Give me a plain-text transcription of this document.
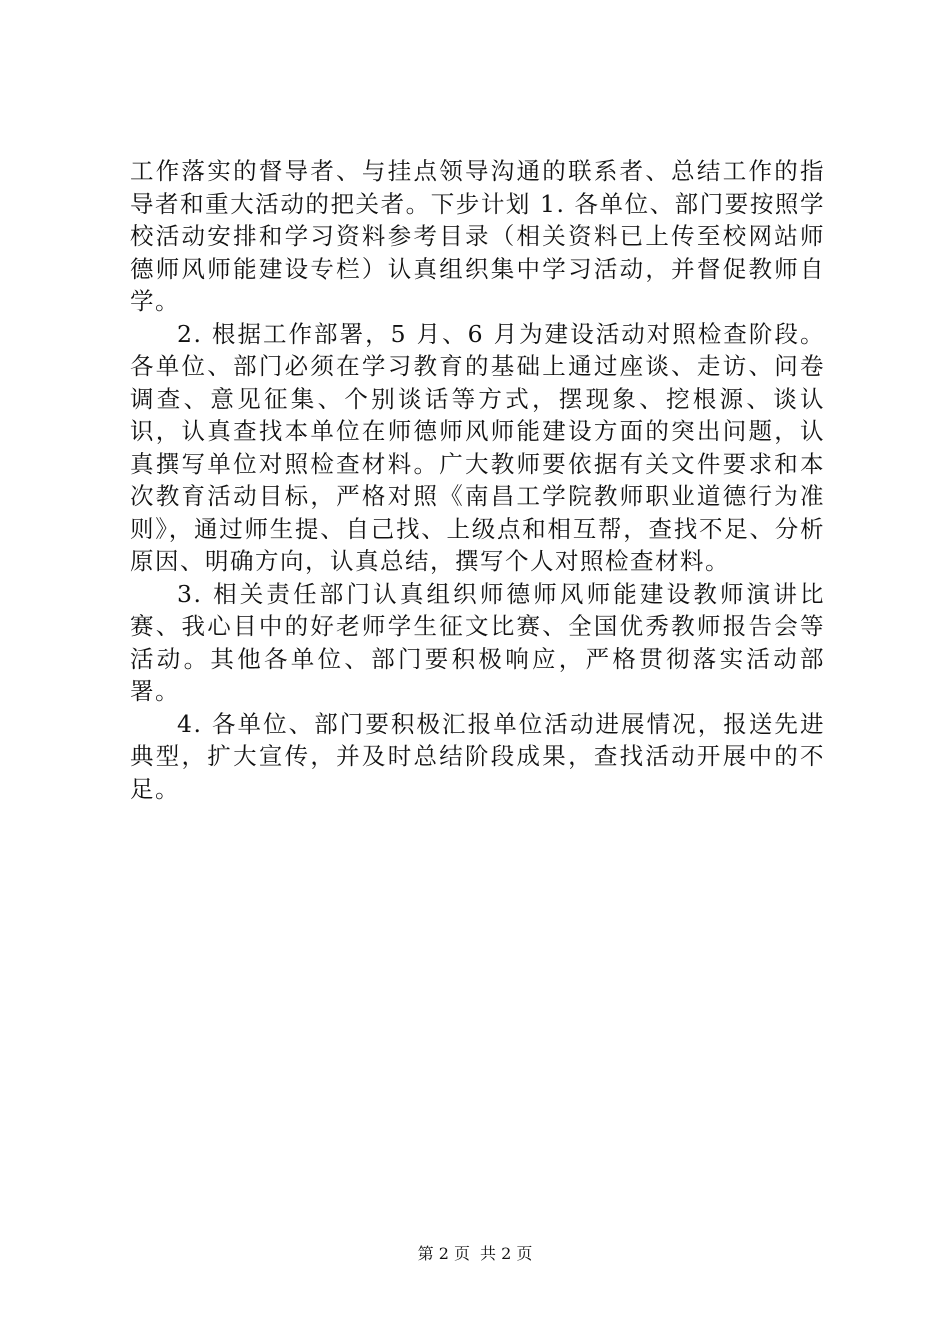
工作落实的督导者、与挂点领导沟通的联系者、总结工作的指导者和重大活动的把关者。下步计划 1. 各单位、部门要按照学校活动安排和学习资料参考目录（相关资料已上传至校网站师德师风师能建设专栏）认真组织集中学习活动，并督促教师自学。

2. 根据工作部署，5 月、6 月为建设活动对照检查阶段。各单位、部门必须在学习教育的基础上通过座谈、走访、问卷调查、意见征集、个别谈话等方式，摆现象、挖根源、谈认识，认真查找本单位在师德师风师能建设方面的突出问题，认真撰写单位对照检查材料。广大教师要依据有关文件要求和本次教育活动目标，严格对照《南昌工学院教师职业道德行为准则》，通过师生提、自己找、上级点和相互帮，查找不足、分析原因、明确方向，认真总结，撰写个人对照检查材料。

3. 相关责任部门认真组织师德师风师能建设教师演讲比赛、我心目中的好老师学生征文比赛、全国优秀教师报告会等活动。其他各单位、部门要积极响应，严格贯彻落实活动部署。

4. 各单位、部门要积极汇报单位活动进展情况，报送先进典型，扩大宣传，并及时总结阶段成果，查找活动开展中的不足。

第 2 页 共 2 页
